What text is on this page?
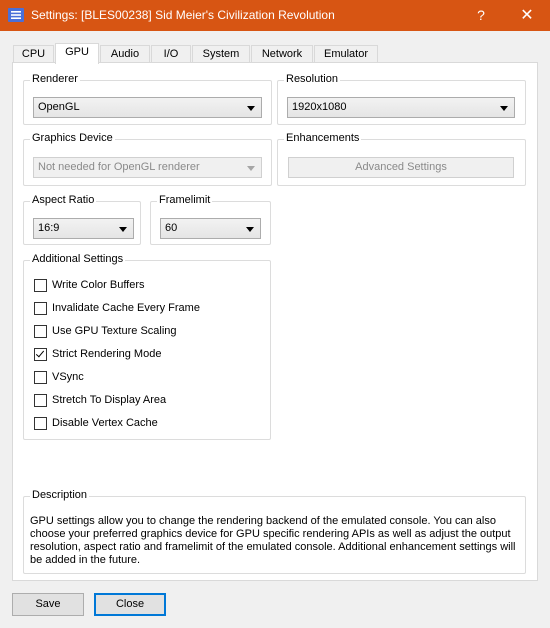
Settings: [BLES00238] Sid Meier's Civilization Revolution	?	✕
CPU	GPU	Audio	I/O	System	Network	Emulator
Renderer
OpenGL
Resolution
1920x1080
Graphics Device
Not needed for OpenGL renderer
Enhancements
Advanced Settings
Aspect Ratio
16:9
Framelimit
60
Additional Settings
Write Color Buffers
Invalidate Cache Every Frame
Use GPU Texture Scaling
Strict Rendering Mode
VSync
Stretch To Display Area
Disable Vertex Cache
Description
GPU settings allow you to change the rendering backend of the emulated console. You can also choose your preferred graphics device for GPU specific rendering APIs as well as adjust the output resolution, aspect ratio and framelimit of the emulated console. Additional enhancement settings will be added in the future.
Save	Close
